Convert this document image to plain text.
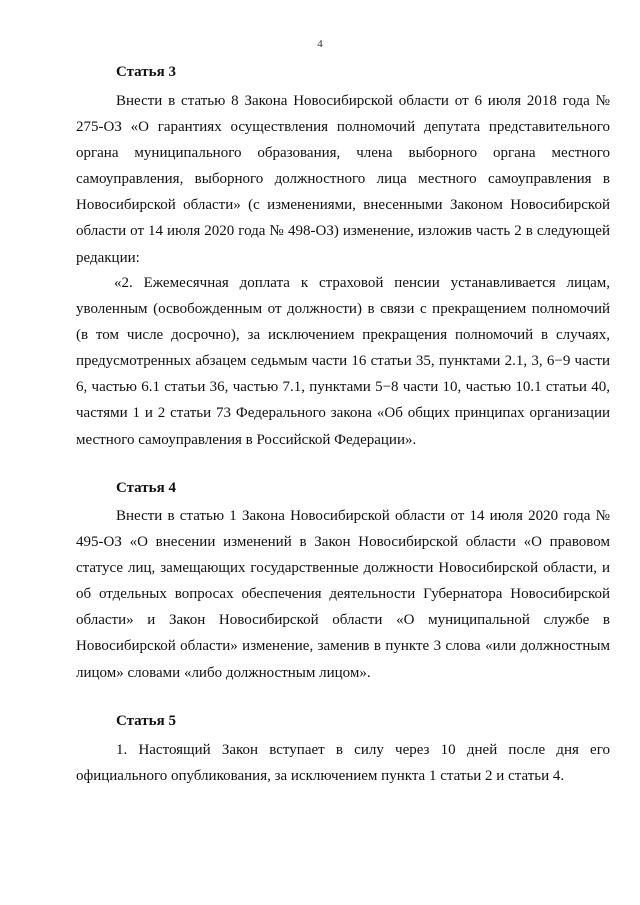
4
Статья 3

Внести в статью 8 Закона Новосибирской области от 6 июля 2018 года № 275-ОЗ «О гарантиях осуществления полномочий депутата представительного органа муниципального образования, члена выборного органа местного самоуправления, выборного должностного лица местного самоуправления в Новосибирской области» (с изменениями, внесенными Законом Новосибирской области от 14 июля 2020 года № 498-ОЗ) изменение, изложив часть 2 в следующей редакции:

«2. Ежемесячная доплата к страховой пенсии устанавливается лицам, уволенным (освобожденным от должности) в связи с прекращением полномочий (в том числе досрочно), за исключением прекращения полномочий в случаях, предусмотренных абзацем седьмым части 16 статьи 35, пунктами 2.1, 3, 6−9 части 6, частью 6.1 статьи 36, частью 7.1, пунктами 5−8 части 10, частью 10.1 статьи 40, частями 1 и 2 статьи 73 Федерального закона «Об общих принципах организации местного самоуправления в Российской Федерации».

Статья 4

Внести в статью 1 Закона Новосибирской области от 14 июля 2020 года № 495-ОЗ «О внесении изменений в Закон Новосибирской области «О правовом статусе лиц, замещающих государственные должности Новосибирской области, и об отдельных вопросах обеспечения деятельности Губернатора Новосибирской области» и Закон Новосибирской области «О муниципальной службе в Новосибирской области» изменение, заменив в пункте 3 слова «или должностным лицом» словами «либо должностным лицом».

Статья 5

1. Настоящий Закон вступает в силу через 10 дней после дня его официального опубликования, за исключением пункта 1 статьи 2 и статьи 4.
